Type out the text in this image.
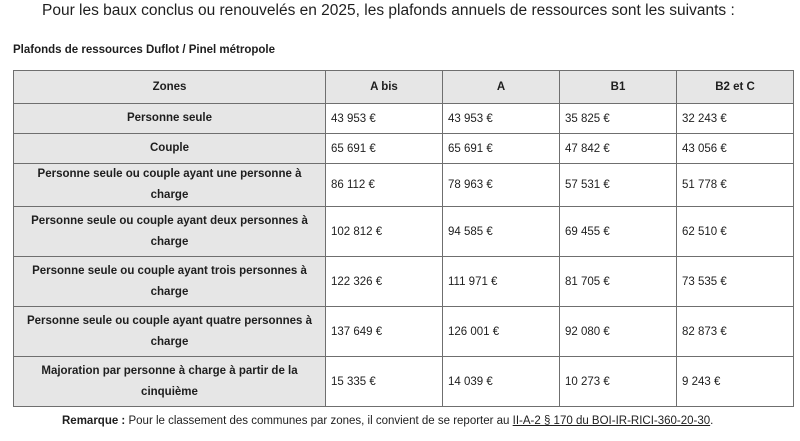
Pour les baux conclus ou renouvelés en 2025, les plafonds annuels de ressources sont les suivants :
Plafonds de ressources Duflot / Pinel métropole
Zones	A bis	A	B1	B2 et C
Personne seule	43 953 €	43 953 €	35 825 €	32 243 €
Couple	65 691 €	65 691 €	47 842 €	43 056 €
Personne seule ou couple ayant une personne à charge	86 112 €	78 963 €	57 531 €	51 778 €
Personne seule ou couple ayant deux personnes à charge	102 812 €	94 585 €	69 455 €	62 510 €
Personne seule ou couple ayant trois personnes à charge	122 326 €	111 971 €	81 705 €	73 535 €
Personne seule ou couple ayant quatre personnes à charge	137 649 €	126 001 €	92 080 €	82 873 €
Majoration par personne à charge à partir de la cinquième	15 335 €	14 039 €	10 273 €	9 243 €
Remarque : Pour le classement des communes par zones, il convient de se reporter au II-A-2 § 170 du BOI-IR-RICI-360-20-30.
